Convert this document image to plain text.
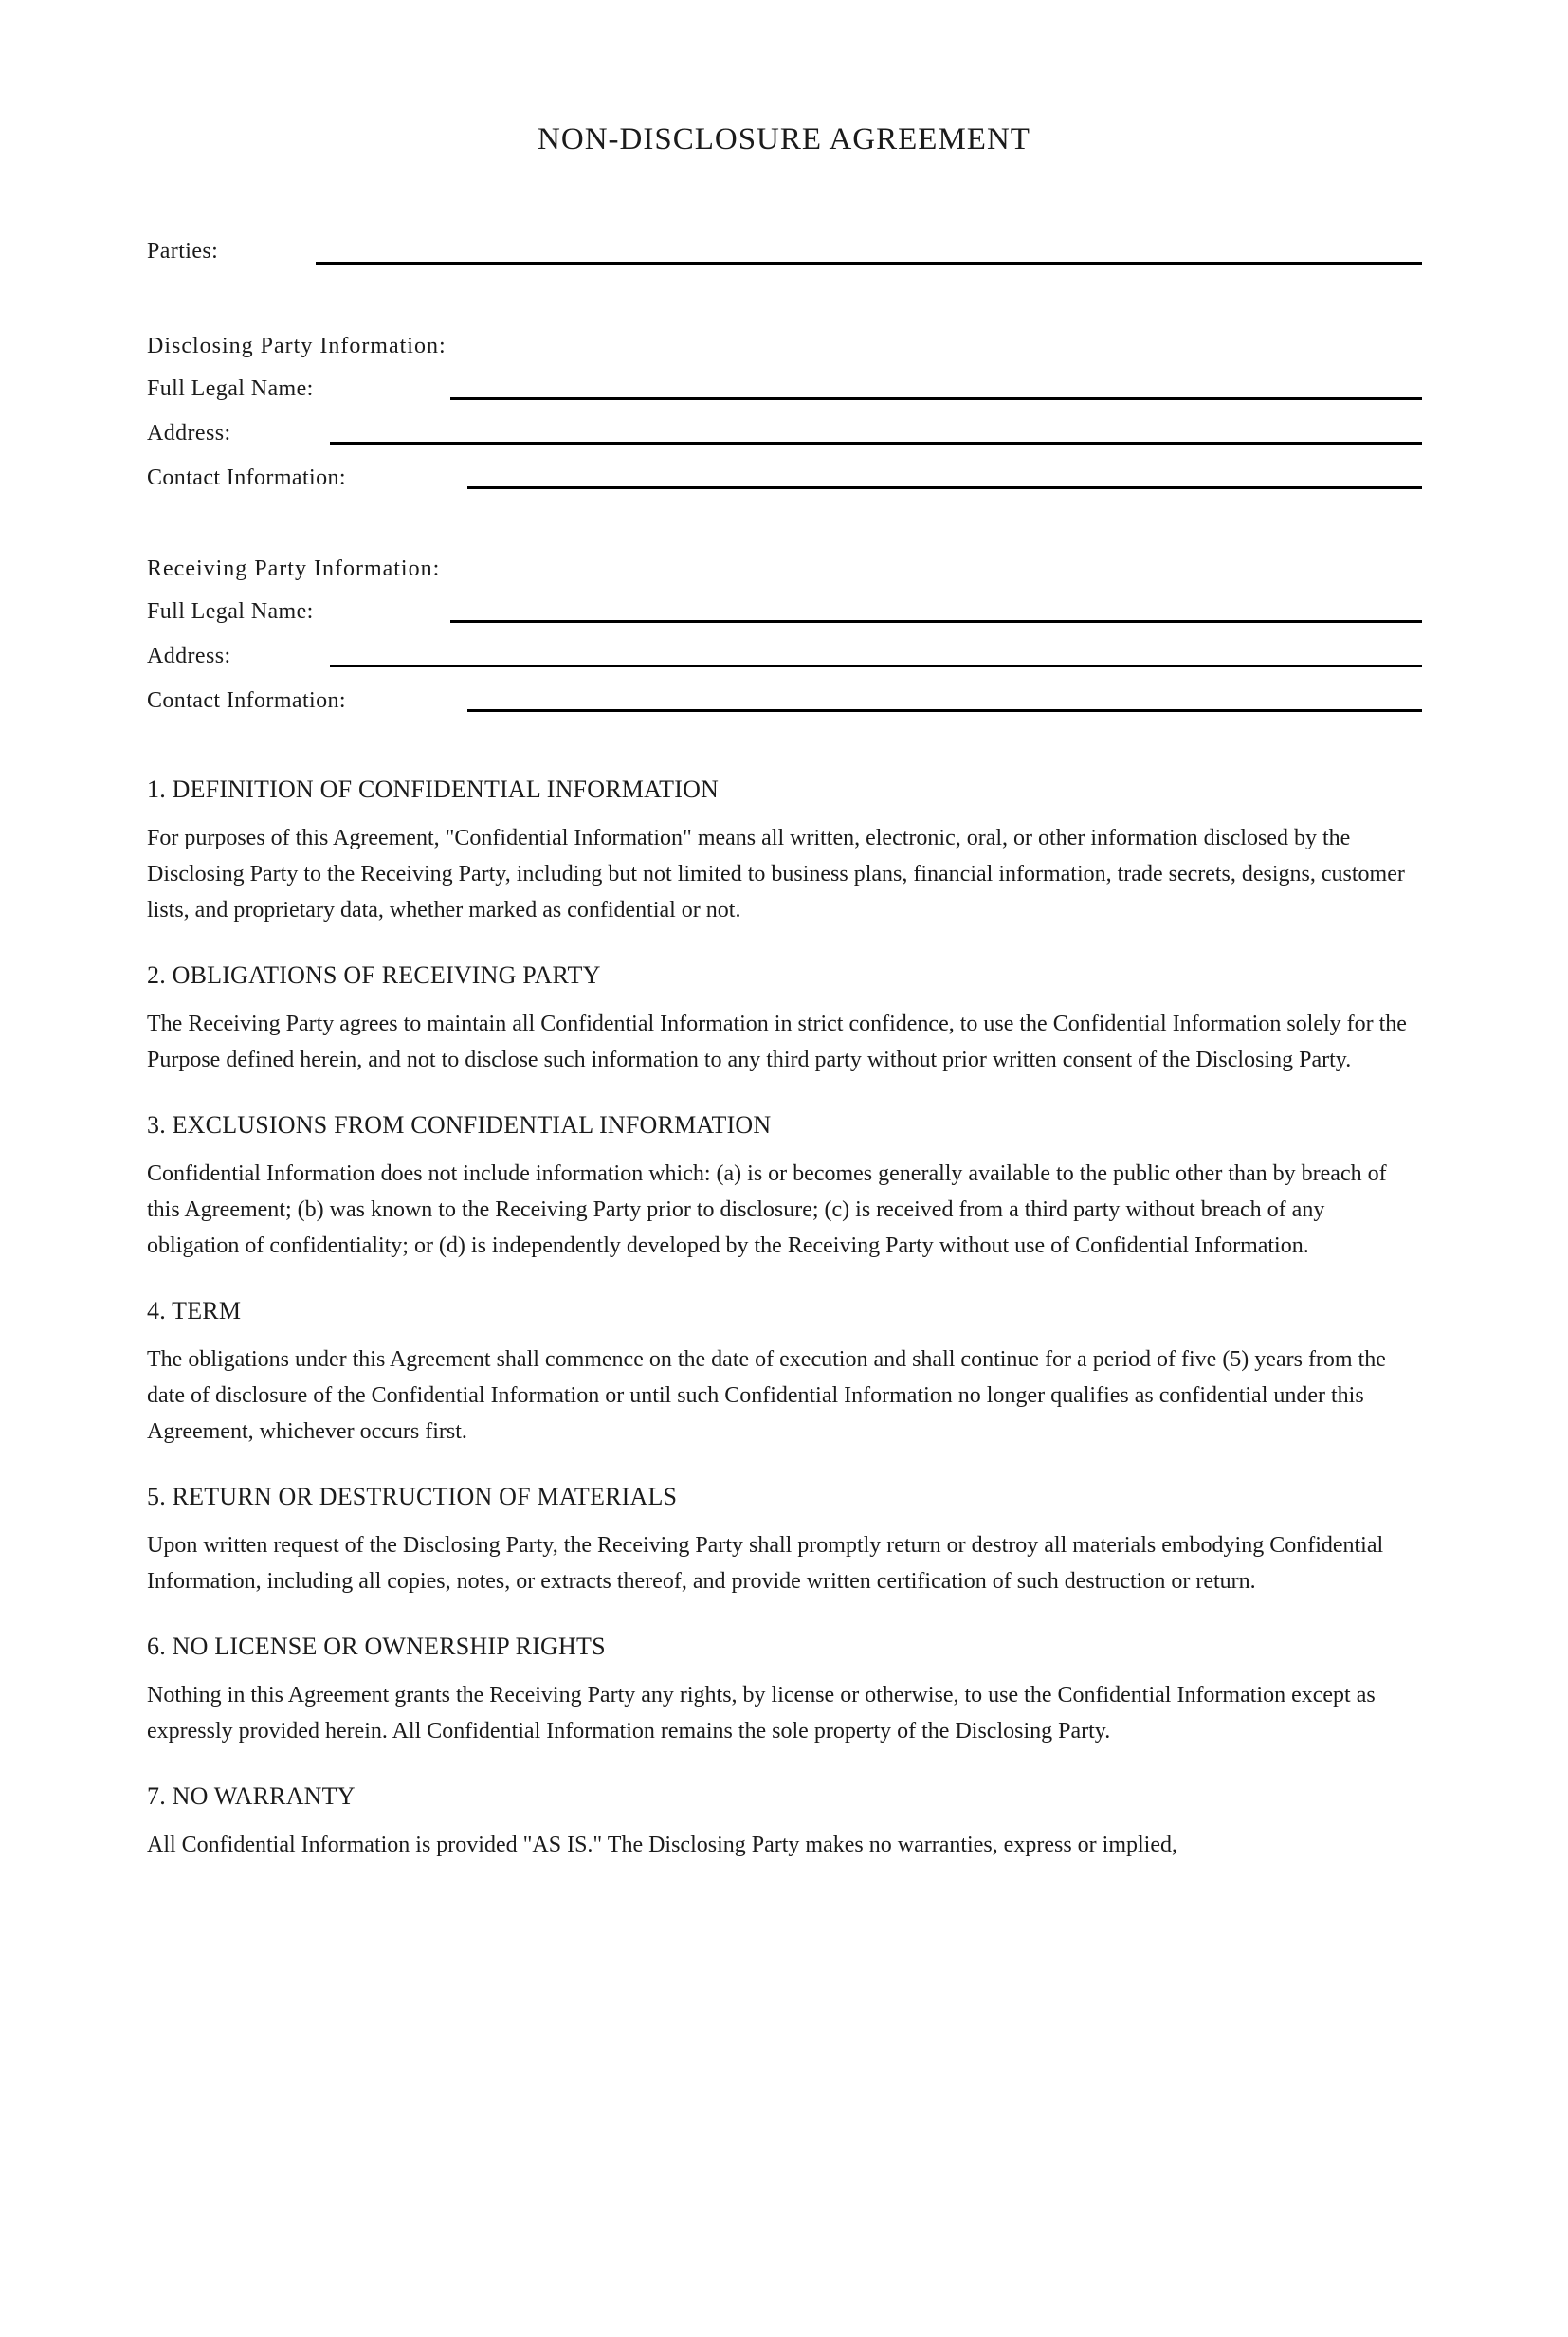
NON-DISCLOSURE AGREEMENT
Parties:
Disclosing Party Information:
Full Legal Name:
Address:
Contact Information:
Receiving Party Information:
Full Legal Name:
Address:
Contact Information:
1. DEFINITION OF CONFIDENTIAL INFORMATION

For purposes of this Agreement, "Confidential Information" means all written, electronic, oral, or other information disclosed by the Disclosing Party to the Receiving Party, including but not limited to business plans, financial information, trade secrets, designs, customer lists, and proprietary data, whether marked as confidential or not.

2. OBLIGATIONS OF RECEIVING PARTY

The Receiving Party agrees to maintain all Confidential Information in strict confidence, to use the Confidential Information solely for the Purpose defined herein, and not to disclose such information to any third party without prior written consent of the Disclosing Party.

3. EXCLUSIONS FROM CONFIDENTIAL INFORMATION

Confidential Information does not include information which: (a) is or becomes generally available to the public other than by breach of this Agreement; (b) was known to the Receiving Party prior to disclosure; (c) is received from a third party without breach of any obligation of confidentiality; or (d) is independently developed by the Receiving Party without use of Confidential Information.

4. TERM

The obligations under this Agreement shall commence on the date of execution and shall continue for a period of five (5) years from the date of disclosure of the Confidential Information or until such Confidential Information no longer qualifies as confidential under this Agreement, whichever occurs first.

5. RETURN OR DESTRUCTION OF MATERIALS

Upon written request of the Disclosing Party, the Receiving Party shall promptly return or destroy all materials embodying Confidential Information, including all copies, notes, or extracts thereof, and provide written certification of such destruction or return.

6. NO LICENSE OR OWNERSHIP RIGHTS

Nothing in this Agreement grants the Receiving Party any rights, by license or otherwise, to use the Confidential Information except as expressly provided herein. All Confidential Information remains the sole property of the Disclosing Party.

7. NO WARRANTY

All Confidential Information is provided "AS IS." The Disclosing Party makes no warranties, express or implied,
